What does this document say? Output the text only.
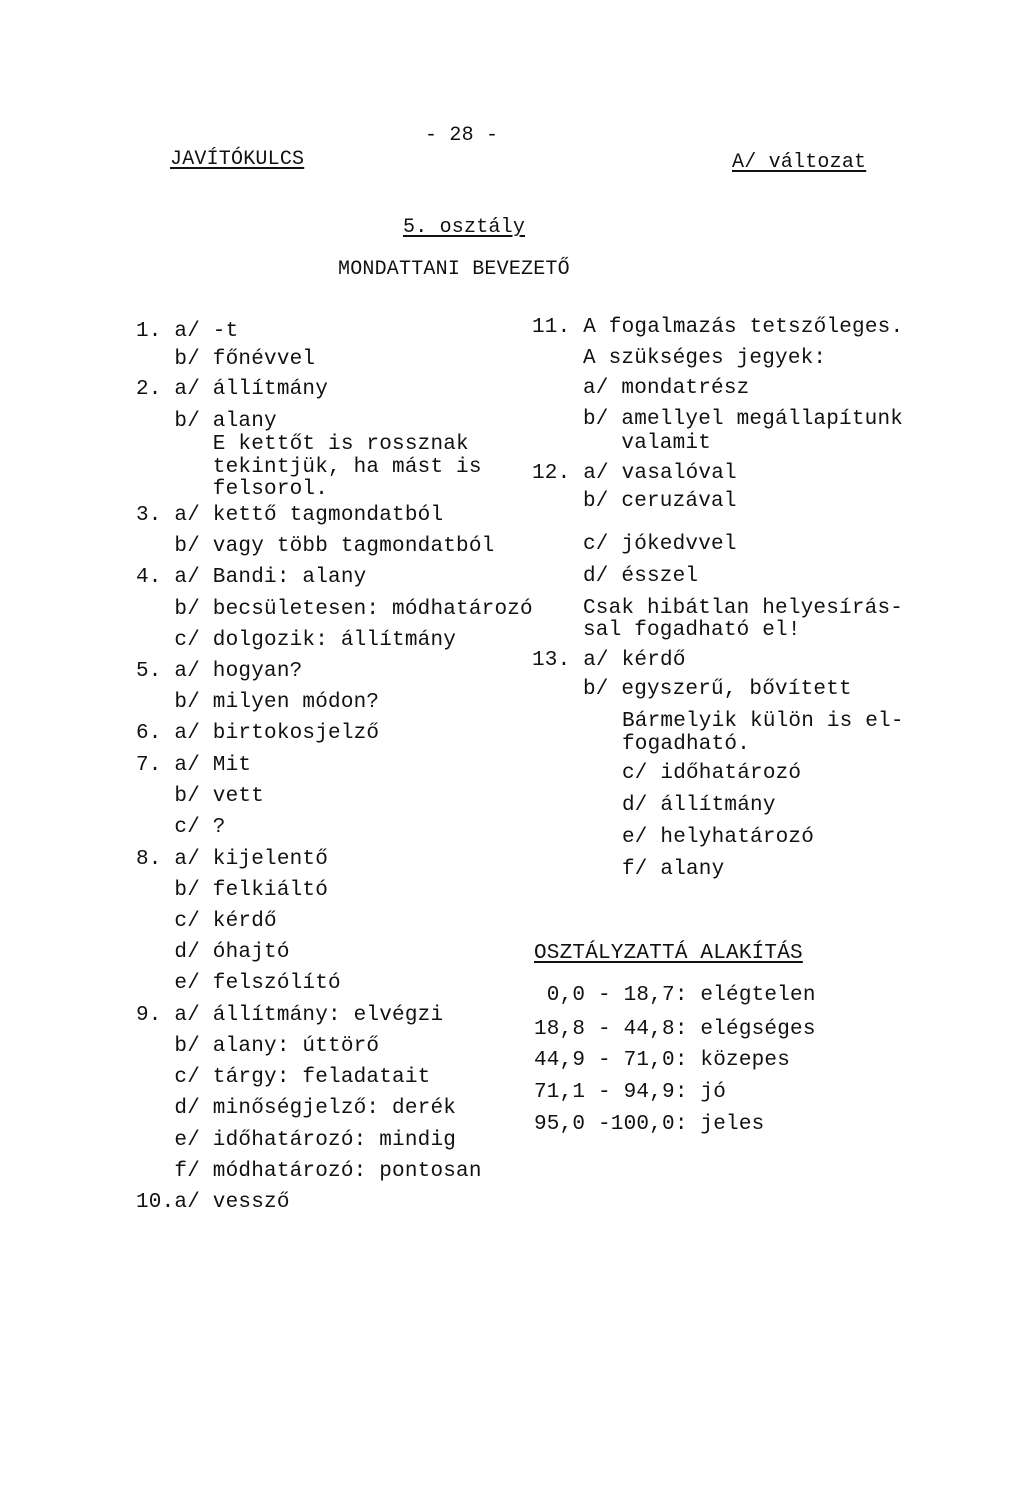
- 28 -
JAVÍTÓKULCS	A/ változat
5. osztály
MONDATTANI BEVEZETŐ
1. a/ -t
b/ főnévvel
2. a/ állítmány
b/ alany
E kettőt is rossznak
tekintjük, ha mást is
felsorol.
3. a/ kettő tagmondatból
b/ vagy több tagmondatból
4. a/ Bandi: alany
b/ becsületesen: módhatározó
c/ dolgozik: állítmány
5. a/ hogyan?
b/ milyen módon?
6. a/ birtokosjelző
7. a/ Mit
b/ vett
c/ ?
8. a/ kijelentő
b/ felkiáltó
c/ kérdő
d/ óhajtó
e/ felszólító
9. a/ állítmány: elvégzi
b/ alany: úttörő
c/ tárgy: feladatait
d/ minőségjelző: derék
e/ időhatározó: mindig
f/ módhatározó: pontosan
10.a/ vessző
11. A fogalmazás tetszőleges.
A szükséges jegyek:
a/ mondatrész
b/ amellyel megállapítunk
valamit
12. a/ vasalóval
b/ ceruzával
c/ jókedvvel
d/ ésszel
Csak hibátlan helyesírás-
sal fogadható el!
13. a/ kérdő
b/ egyszerű, bővített
Bármelyik külön is el-
fogadható.
c/ időhatározó
d/ állítmány
e/ helyhatározó
f/ alany
OSZTÁLYZATTÁ ALAKÍTÁS
0,0 - 18,7: elégtelen
18,8 - 44,8: elégséges
44,9 - 71,0: közepes
71,1 - 94,9: jó
95,0 -100,0: jeles
